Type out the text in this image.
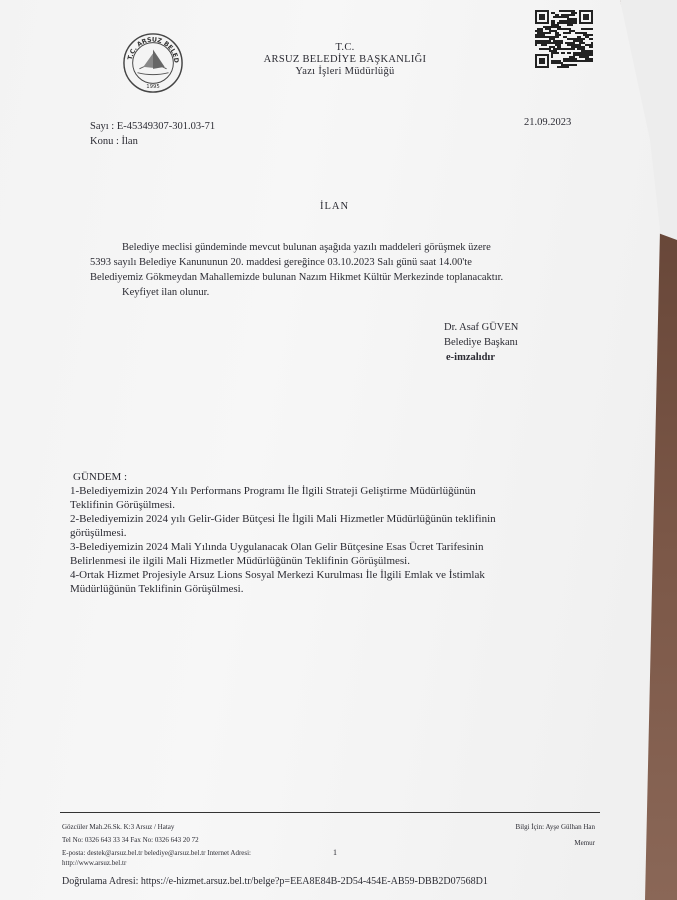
T.C. ARSUZ BELED
1995
T.C.
ARSUZ BELEDİYE BAŞKANLIĞI
Yazı İşleri Müdürlüğü
Sayı : E-45349307-301.03-71
Konu : İlan
21.09.2023
İLAN
Belediye meclisi gündeminde mevcut bulunan aşağıda yazılı maddeleri görüşmek üzere
5393 sayılı Belediye Kanununun 20. maddesi gereğince 03.10.2023 Salı günü saat 14.00'te
Belediyemiz Gökmeydan Mahallemizde bulunan Nazım Hikmet Kültür Merkezinde toplanacaktır.
Keyfiyet ilan olunur.
Dr. Asaf GÜVEN
Belediye Başkanı
e-imzalıdır
GÜNDEM :
1-Belediyemizin 2024 Yılı Performans Programı İle İlgili Strateji Geliştirme Müdürlüğünün
Teklifinin Görüşülmesi.
2-Belediyemizin 2024 yılı Gelir-Gider Bütçesi İle İlgili Mali Hizmetler Müdürlüğünün teklifinin
görüşülmesi.
3-Belediyemizin 2024 Mali Yılında Uygulanacak Olan Gelir Bütçesine Esas Ücret Tarifesinin
Belirlenmesi ile ilgili Mali Hizmetler Müdürlüğünün Teklifinin Görüşülmesi.
4-Ortak Hizmet Projesiyle Arsuz Lions Sosyal Merkezi Kurulması İle İlgili Emlak ve İstimlak
Müdürlüğünün Teklifinin Görüşülmesi.
Gözcüler Mah.26.Sk. K:3 Arsuz / Hatay
Tel No: 0326 643 33 34 Fax No: 0326 643 20 72
E-posta: destek@arsuz.bel.tr belediye@arsuz.bel.tr Internet Adresi:
http://www.arsuz.bel.tr
1
Bilgi İçin: Ayşe Gülhan Han
Memur
Doğrulama Adresi: https://e-hizmet.arsuz.bel.tr/belge?p=EEA8E84B-2D54-454E-AB59-DBB2D07568D1
